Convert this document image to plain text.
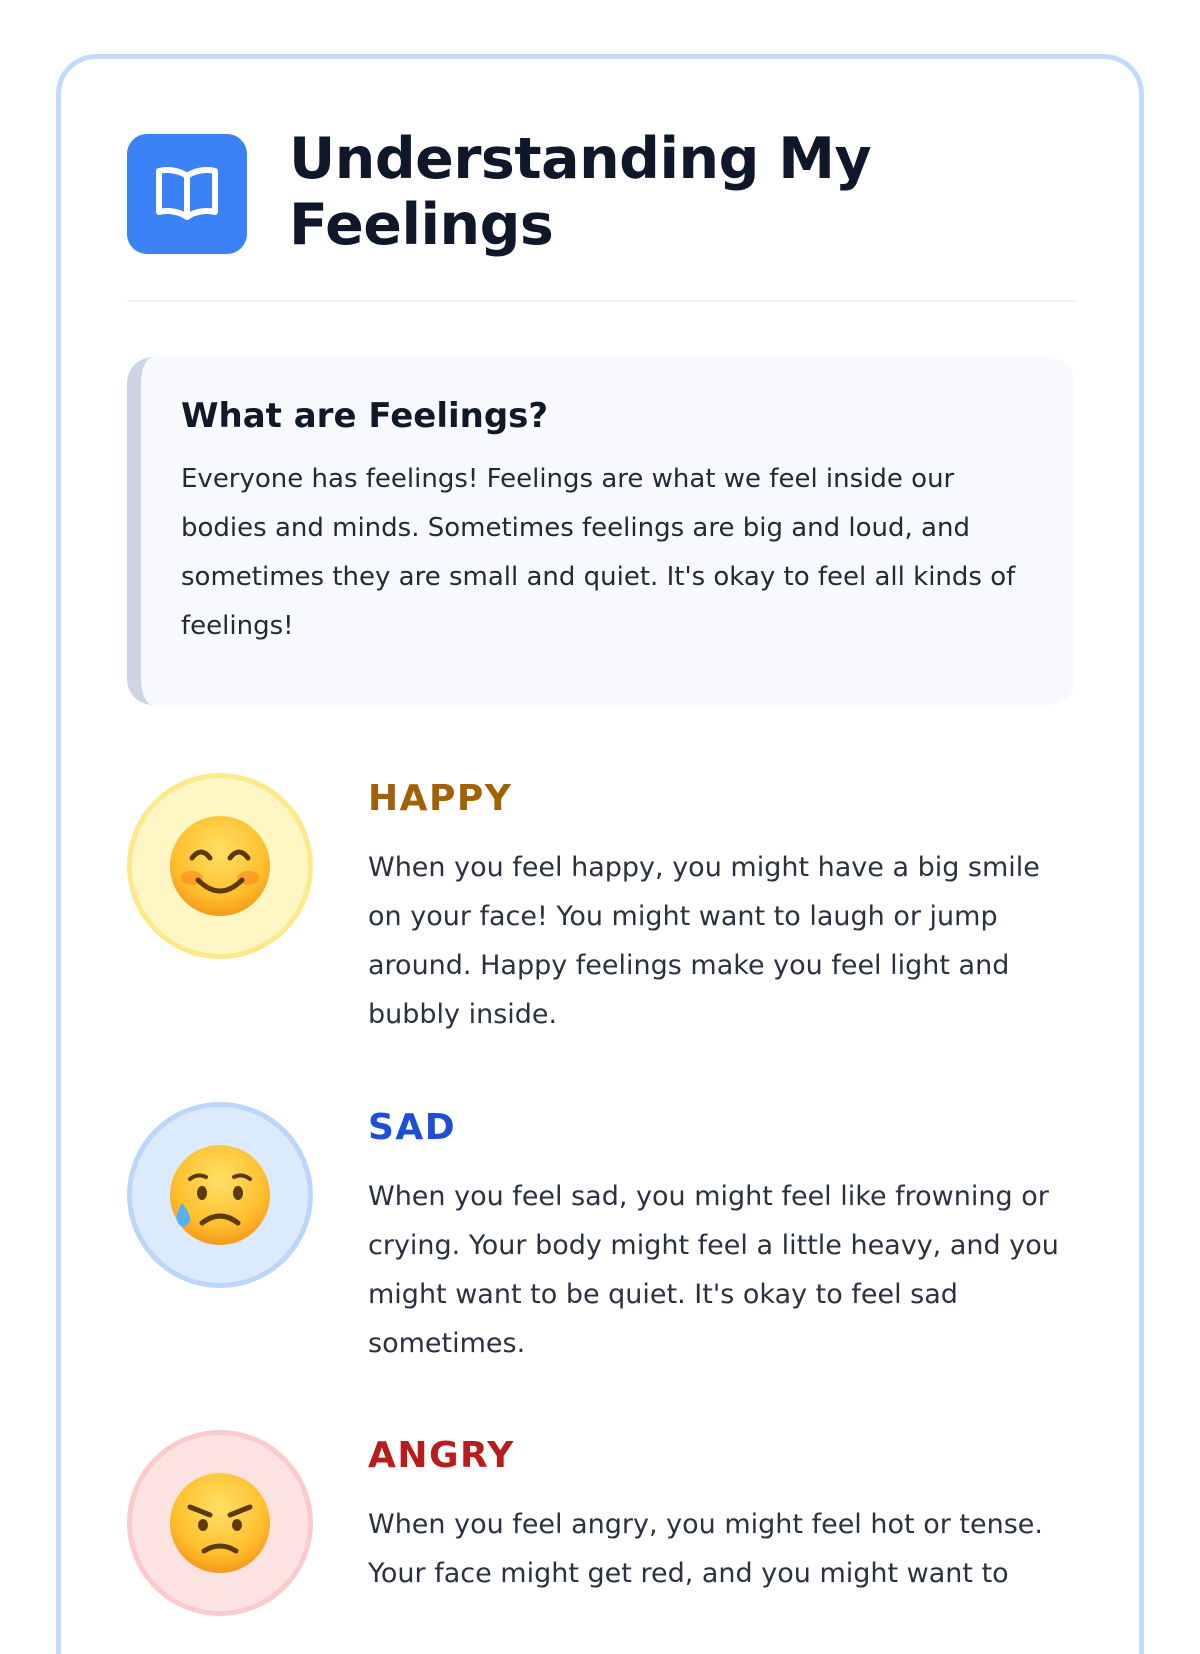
Understanding My Feelings
What are Feelings?

Everyone has feelings! Feelings are what we feel inside our bodies and minds. Sometimes feelings are big and loud, and sometimes they are small and quiet. It's okay to feel all kinds of feelings!

HAPPY

When you feel happy, you might have a big smile on your face! You might want to laugh or jump around. Happy feelings make you feel light and bubbly inside.

SAD

When you feel sad, you might feel like frowning or crying. Your body might feel a little heavy, and you might want to be quiet. It's okay to feel sad sometimes.

ANGRY

When you feel angry, you might feel hot or tense. Your face might get red, and you might want to
